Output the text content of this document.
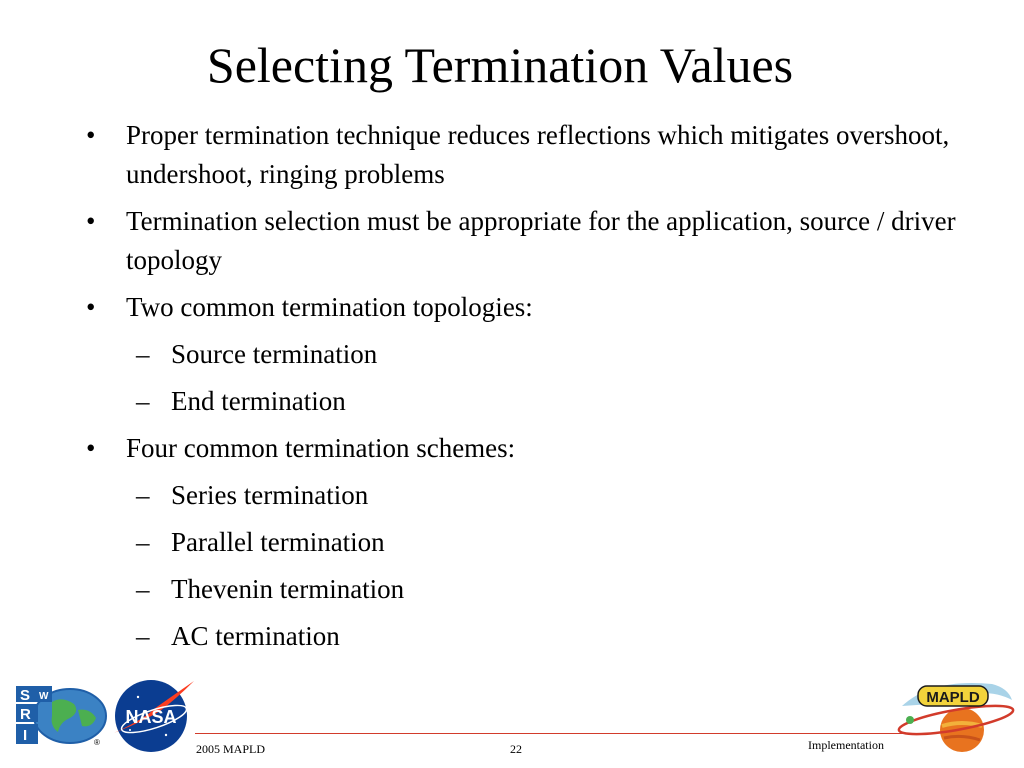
Selecting Termination Values
• Proper termination technique reduces reflections which mitigates overshoot, undershoot, ringing problems
• Termination selection must be appropriate for the application, source / driver topology
• Two common termination topologies:
– Source termination
– End termination
• Four common termination schemes:
– Series termination
– Parallel termination
– Thevenin termination
– AC termination
S W
R
I	®
NASA
MAPLD
2005 MAPLD	22	Implementation
